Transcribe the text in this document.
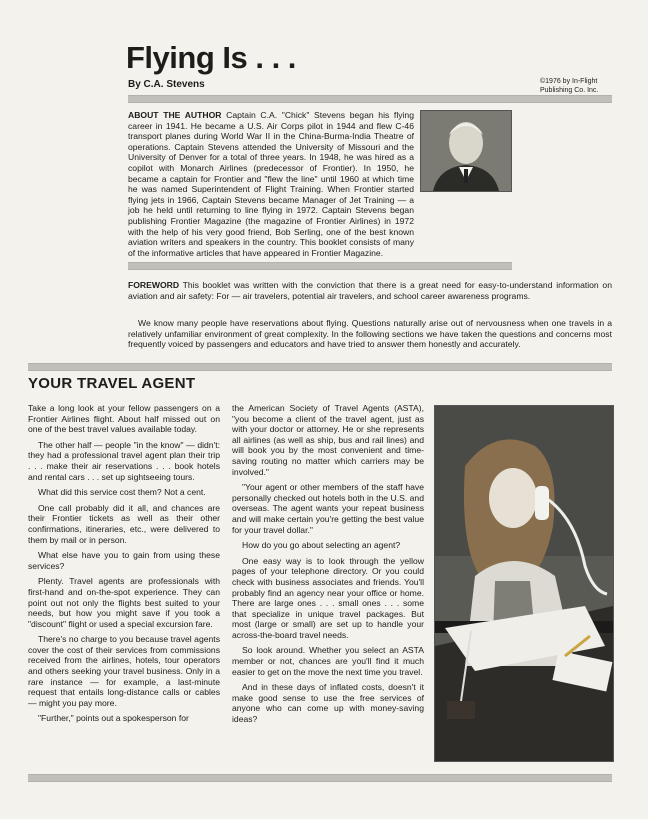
Flying Is . . .
By C.A. Stevens	©1976 by In-Flight
Publishing Co. Inc.

ABOUT THE AUTHOR Captain C.A. "Chick" Stevens began his flying career in 1941. He became a U.S. Air Corps pilot in 1944 and flew C-46 transport planes during World War II in the China-Burma-India Theatre of operations. Captain Stevens attended the University of Missouri and the University of Denver for a total of three years. In 1948, he was hired as a copilot with Monarch Airlines (predecessor of Frontier). In 1950, he became a captain for Frontier and "flew the line" until 1960 at which time he was named Superintendent of Flight Training. When Frontier started flying jets in 1966, Captain Stevens became Manager of Jet Training — a job he held until returning to line flying in 1972. Captain Stevens began publishing Frontier Magazine (the magazine of Frontier Airlines) in 1972 with the help of his very good friend, Bob Serling, one of the best known aviation writers and speakers in the country. This booklet consists of many of the informative articles that have appeared in Frontier Magazine.

FOREWORD This booklet was written with the conviction that there is a great need for easy-to-understand information on aviation and air safety: For — air travelers, potential air travelers, and school career awareness programs.

We know many people have reservations about flying. Questions naturally arise out of nervousness when one travels in a relatively unfamiliar environment of great complexity. In the following sections we have taken the questions and concerns most frequently voiced by passengers and educators and have tried to answer them honestly and accurately.

YOUR TRAVEL AGENT

Take a long look at your fellow passengers on a Frontier Airlines flight. About half missed out on one of the best travel values available today.

The other half — people "in the know" — didn't: they had a professional travel agent plan their trip . . . make their air reservations . . . book hotels and rental cars . . . set up sightseeing tours.

What did this service cost them? Not a cent.

One call probably did it all, and chances are their Frontier tickets as well as their other confirmations, itineraries, etc., were delivered to them by mail or in person.

What else have you to gain from using these services?

Plenty. Travel agents are professionals with first-hand and on-the-spot experience. They can point out not only the flights best suited to your needs, but how you might save if you took a "discount" flight or used a special excursion fare.

There's no charge to you because travel agents cover the cost of their services from commissions received from the airlines, hotels, tour operators and others seeking your travel business. Only in a rare instance — for example, a last-minute request that entails long-distance calls or cables — might you pay more.

"Further," points out a spokesperson for

the American Society of Travel Agents (ASTA), "you become a client of the travel agent, just as with your doctor or attorney. He or she represents all airlines (as well as ship, bus and rail lines) and will book you by the most convenient and time-saving routing no matter which carriers may be involved."

"Your agent or other members of the staff have personally checked out hotels both in the U.S. and overseas. The agent wants your repeat business and will make certain you're getting the best value for your travel dollar."

How do you go about selecting an agent?

One easy way is to look through the yellow pages of your telephone directory. Or you could check with business associates and friends. You'll probably find an agency near your office or home. There are large ones . . . small ones . . . some that specialize in unique travel packages. But most (large or small) are set up to handle your across-the-board travel needs.

So look around. Whether you select an ASTA member or not, chances are you'll find it much easier to get on the move the next time you travel.

And in these days of inflated costs, doesn't it make good sense to use the free services of anyone who can come up with money-saving ideas?
